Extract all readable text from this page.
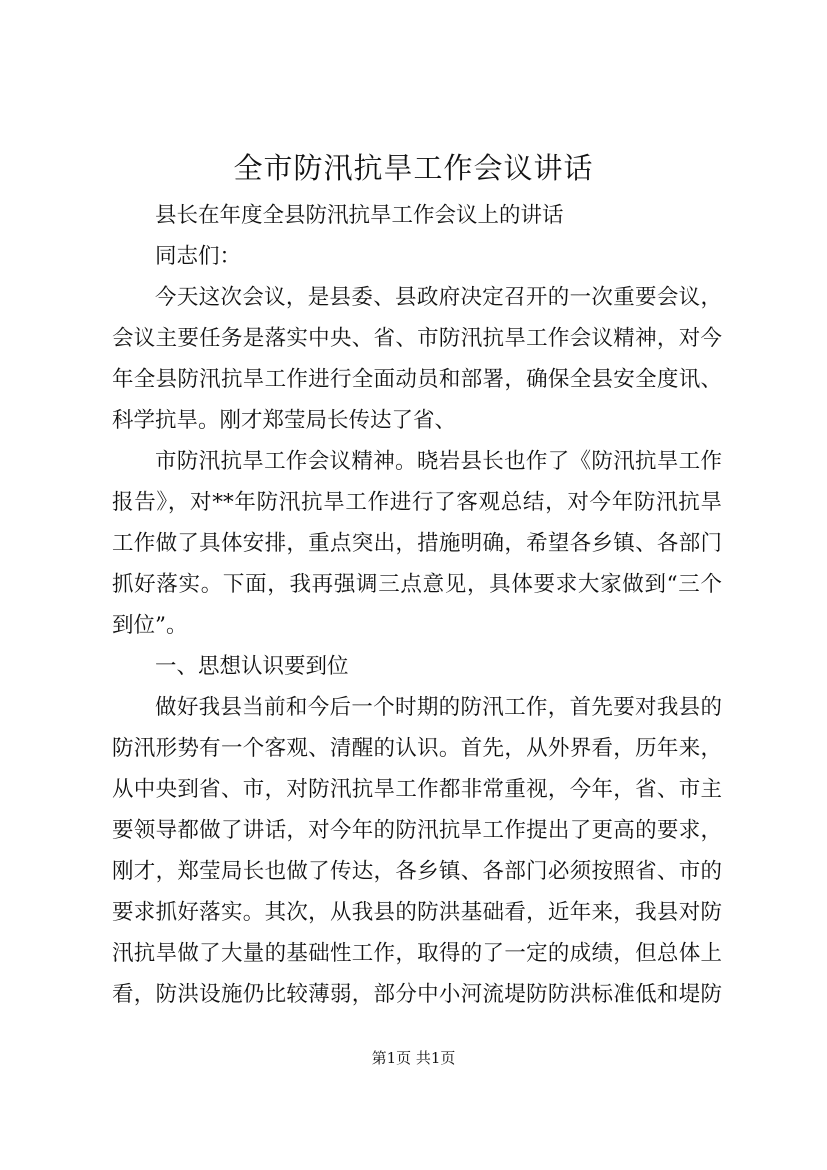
全市防汛抗旱工作会议讲话
县长在年度全县防汛抗旱工作会议上的讲话
同志们：
今天这次会议，是县委、县政府决定召开的一次重要会议，
会议主要任务是落实中央、省、市防汛抗旱工作会议精神，对今
年全县防汛抗旱工作进行全面动员和部署，确保全县安全度讯、
科学抗旱。刚才郑莹局长传达了省、
市防汛抗旱工作会议精神。晓岩县长也作了《防汛抗旱工作
报告》，对**年防汛抗旱工作进行了客观总结，对今年防汛抗旱
工作做了具体安排，重点突出，措施明确，希望各乡镇、各部门
抓好落实。下面，我再强调三点意见，具体要求大家做到“三个
到位”。
一、思想认识要到位
做好我县当前和今后一个时期的防汛工作，首先要对我县的
防汛形势有一个客观、清醒的认识。首先，从外界看，历年来，
从中央到省、市，对防汛抗旱工作都非常重视，今年，省、市主
要领导都做了讲话，对今年的防汛抗旱工作提出了更高的要求，
刚才，郑莹局长也做了传达，各乡镇、各部门必须按照省、市的
要求抓好落实。其次，从我县的防洪基础看，近年来，我县对防
汛抗旱做了大量的基础性工作，取得的了一定的成绩，但总体上
看，防洪设施仍比较薄弱，部分中小河流堤防防洪标准低和堤防
第1页 共1页
